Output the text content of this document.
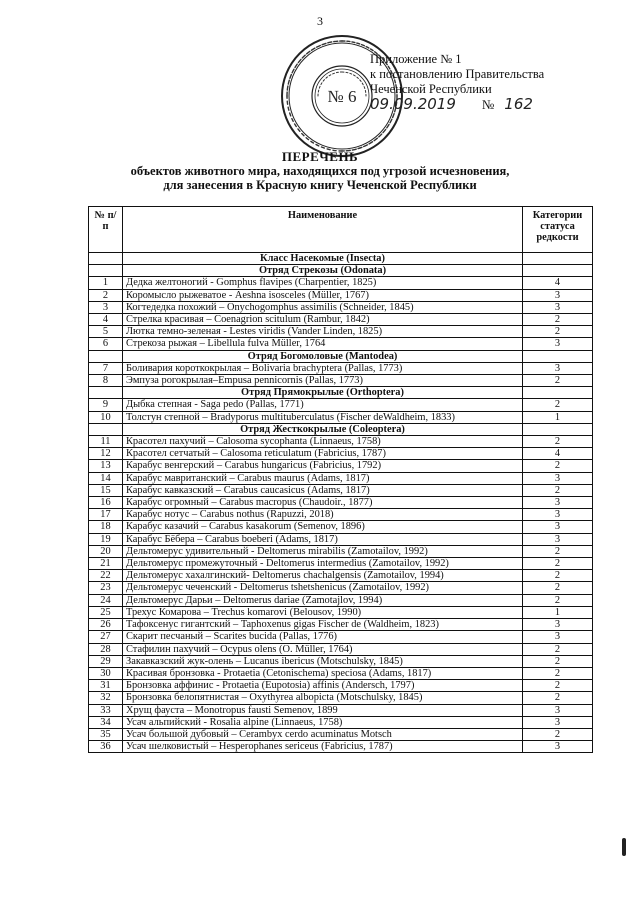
3
№ 6
Приложение № 1
к постановлению Правительства
Чеченской Республики
09.09.2019 № 162
ПЕРЕЧЕНЬ
объектов животного мира, находящихся под угрозой исчезновения,
для занесения в Красную книгу Чеченской Республики
№ п/п	Наименование	Категории статуса редкости
	Класс Насекомые (Insecta)	
	Отряд Стрекозы (Odonata)	
1	Дедка желтоногий - Gomphus flavipes (Charpentier, 1825)	4
2	Коромысло рыжеватое - Aeshna isosceles (Müller, 1767)	3
3	Когтедедка похожий – Onychogomphus assimilis (Schneider, 1845)	3
4	Стрелка красивая – Coenagrion scitulum (Rambur, 1842)	2
5	Лютка темно-зеленая - Lestes viridis (Vander Linden, 1825)	2
6	Стрекоза рыжая – Libellula fulva Müller, 1764	3
	Отряд Богомоловые (Mantodea)	
7	Боливария короткокрылая – Bolivaria brachyptera (Pallas, 1773)	3
8	Эмпуза рогокрылая–Empusa pennicornis (Pallas, 1773)	2
	Отряд Прямокрылые (Orthoptera)	
9	Дыбка степная - Saga pedo (Pallas, 1771)	2
10	Толстун степной – Bradyporus multituberculatus (Fischer deWaldheim, 1833)	1
	Отряд Жесткокрылые (Coleoptera)	
11	Красотел пахучий – Calosoma sycophanta (Linnaeus, 1758)	2
12	Красотел сетчатый – Calosoma reticulatum (Fabricius, 1787)	4
13	Карабус венгерский – Carabus hungaricus (Fabricius, 1792)	2
14	Карабус мавританский – Carabus maurus (Adams, 1817)	3
15	Карабус кавказский – Carabus caucasicus (Adams, 1817)	2
16	Карабус огромный – Carabus macropus (Chaudoir., 1877)	3
17	Карабус нотус – Carabus nothus (Rapuzzi, 2018)	3
18	Карабус казачий – Carabus kasakorum (Semenov, 1896)	3
19	Карабус Бёбера – Carabus boeberi (Adams, 1817)	3
20	Дельтомерус удивительный - Deltomerus mirabilis (Zamotailov, 1992)	2
21	Дельтомерус промежуточный - Deltomerus intermedius (Zamotailov, 1992)	2
22	Дельтомерус хахалгинский- Deltomerus chachalgensis (Zamotailov, 1994)	2
23	Дельтомерус чеченский - Deltomerus tshetshenicus (Zamotailov, 1992)	2
24	Дельтомерус Дарьи – Deltomerus dariae (Zamotajlov, 1994)	2
25	Трехус Комарова – Trechus komarovi (Belousov, 1990)	1
26	Тафоксенус гигантский – Taphoxenus gigas Fischer de (Waldheim, 1823)	3
27	Скарит песчаный – Scarites bucida (Pallas, 1776)	3
28	Стафилин пахучий – Ocypus olens (O. Müller, 1764)	2
29	Закавказский жук-олень – Lucanus ibericus (Motschulsky, 1845)	2
30	Красивая бронзовка - Protaetia (Cetonischema) speciosa (Adams, 1817)	2
31	Бронзовка аффинис - Protaetia (Eupotosia) affinis (Andersch, 1797)	2
32	Бронзовка белопятнистая – Oxythyrea albopicta (Motschulsky, 1845)	2
33	Хрущ фауста – Monotropus fausti Semenov, 1899	3
34	Усач альпийский - Rosalia alpine (Linnaeus, 1758)	3
35	Усач большой дубовый – Cerambyx cerdo acuminatus Motsch	2
36	Усач шелковистый – Hesperophanes sericeus (Fabricius, 1787)	3
